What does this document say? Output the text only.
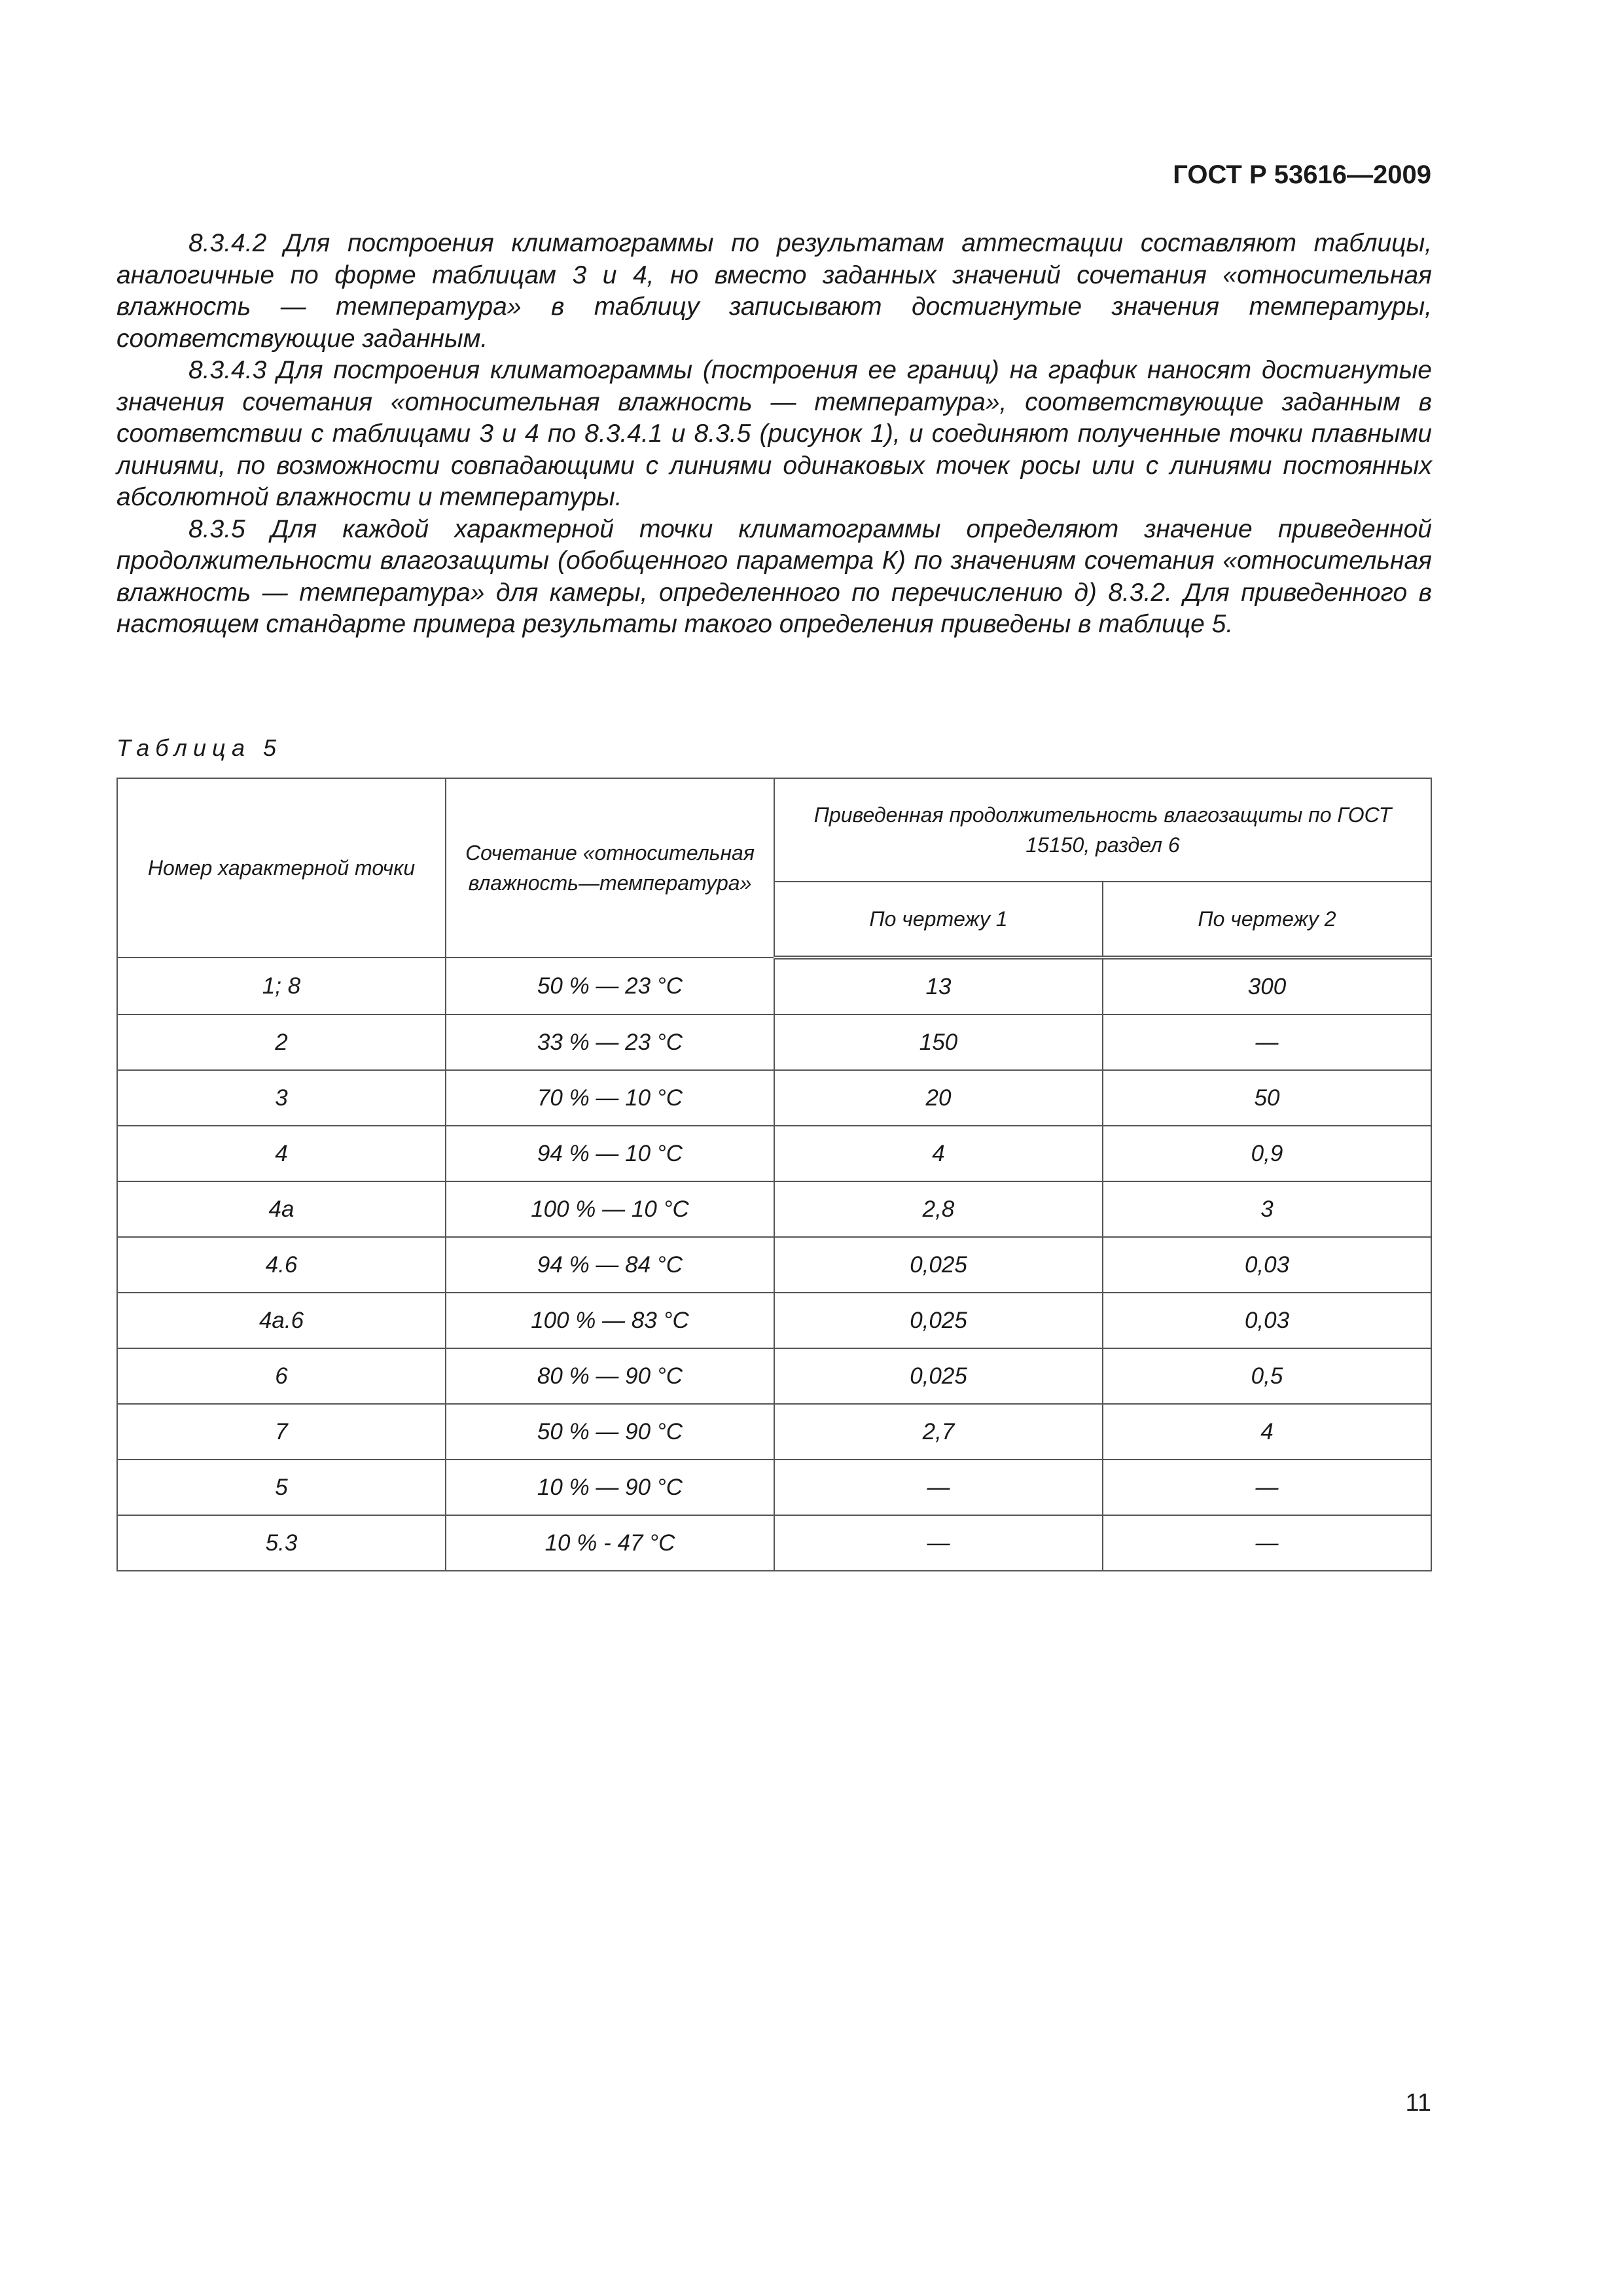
ГОСТ Р 53616—2009

8.3.4.2 Для построения климатограммы по результатам аттестации составляют таблицы, аналогичные по форме таблицам 3 и 4, но вместо заданных значений сочетания «относительная влажность — температура» в таблицу записывают достигнутые значения температуры, соответствующие заданным.

8.3.4.3 Для построения климатограммы (построения ее границ) на график наносят достигнутые значения сочетания «относительная влажность — температура», соответствующие заданным в соответствии с таблицами 3 и 4 по 8.3.4.1 и 8.3.5 (рисунок 1), и соединяют полученные точки плавными линиями, по возможности совпадающими с линиями одинаковых точек росы или с линиями постоянных абсолютной влажности и температуры.

8.3.5 Для каждой характерной точки климатограммы определяют значение приведенной продолжительности влагозащиты (обобщенного параметра К) по значениям сочетания «относительная влажность — температура» для камеры, определенного по перечислению д) 8.3.2. Для приведенного в настоящем стандарте примера результаты такого определения приведены в таблице 5.

Таблица 5
Номер характерной точки	Сочетание «относительная влажность—температура»	Приведенная продолжительность влагозащиты по ГОСТ 15150, раздел 6	
		По чертежу 1	По чертежу 2
1; 8	50 % — 23 °С	13	300
2	33 % — 23 °С	150	—
3	70 % — 10 °С	20	50
4	94 % — 10 °С	4	0,9
4а	100 % — 10 °С	2,8	3
4.6	94 % — 84 °С	0,025	0,03
4а.6	100 % — 83 °С	0,025	0,03
6	80 % — 90 °С	0,025	0,5
7	50 % — 90 °С	2,7	4
5	10 % — 90 °С	—	—
5.3	10 % - 47 °С	—	—
11
